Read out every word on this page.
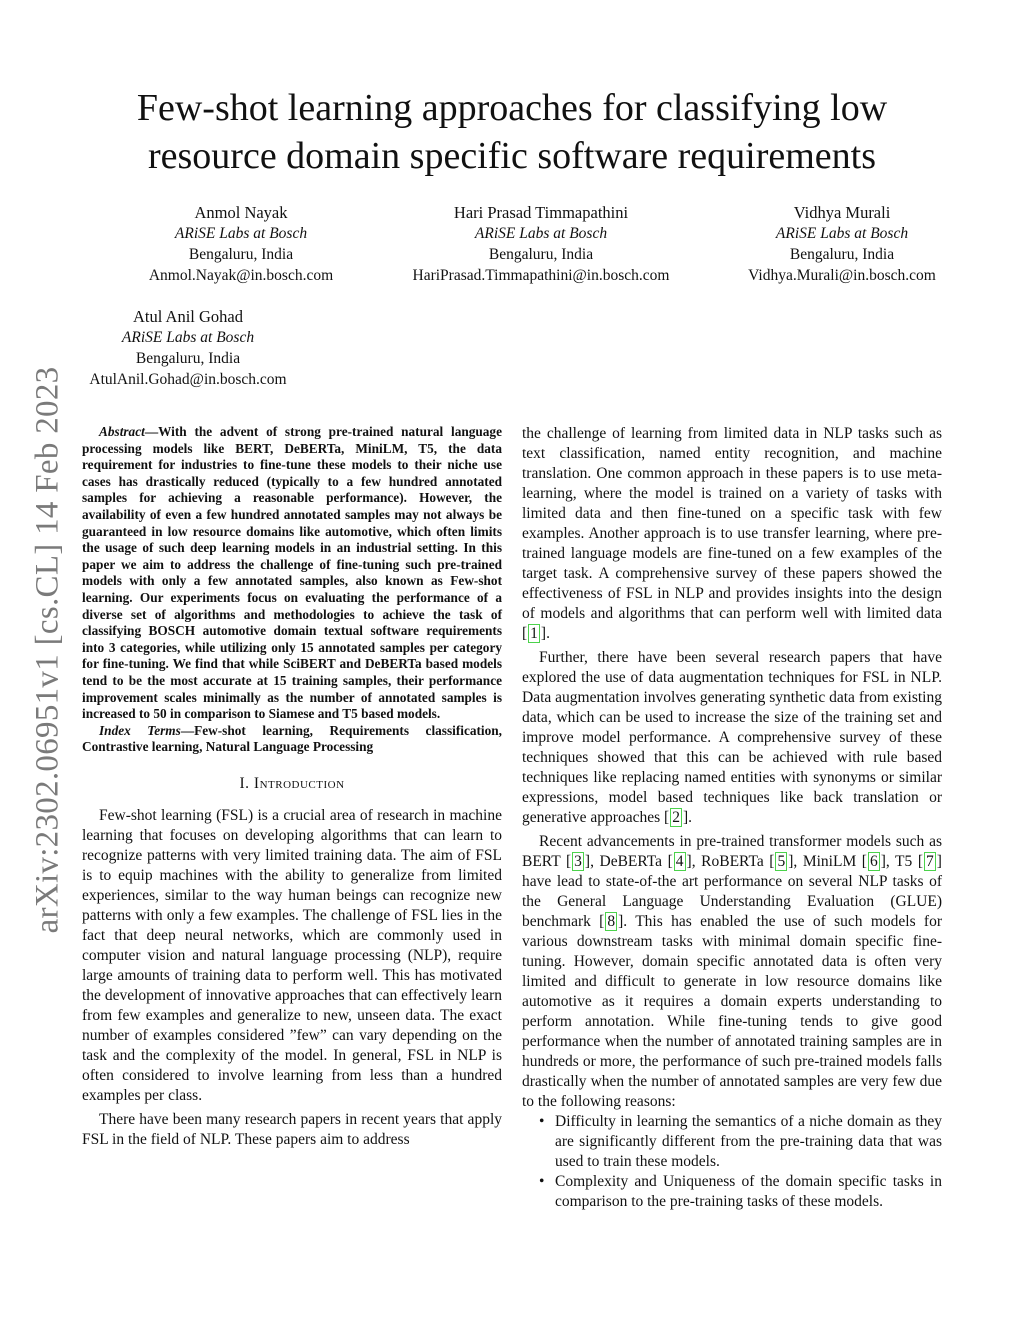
arXiv:2302.06951v1 [cs.CL] 14 Feb 2023
Few-shot learning approaches for classifying low resource domain specific software requirements
Anmol Nayak
ARiSE Labs at Bosch
Bengaluru, India
Anmol.Nayak@in.bosch.com
Hari Prasad Timmapathini
ARiSE Labs at Bosch
Bengaluru, India
HariPrasad.Timmapathini@in.bosch.com
Vidhya Murali
ARiSE Labs at Bosch
Bengaluru, India
Vidhya.Murali@in.bosch.com
Atul Anil Gohad
ARiSE Labs at Bosch
Bengaluru, India
AtulAnil.Gohad@in.bosch.com

Abstract—With the advent of strong pre-trained natural language processing models like BERT, DeBERTa, MiniLM, T5, the data requirement for industries to fine-tune these models to their niche use cases has drastically reduced (typically to a few hundred annotated samples for achieving a reasonable performance). However, the availability of even a few hundred annotated samples may not always be guaranteed in low resource domains like automotive, which often limits the usage of such deep learning models in an industrial setting. In this paper we aim to address the challenge of fine-tuning such pre-trained models with only a few annotated samples, also known as Few-shot learning. Our experiments focus on evaluating the performance of a diverse set of algorithms and methodologies to achieve the task of classifying BOSCH automotive domain textual software requirements into 3 categories, while utilizing only 15 annotated samples per category for fine-tuning. We find that while SciBERT and DeBERTa based models tend to be the most accurate at 15 training samples, their performance improvement scales minimally as the number of annotated samples is increased to 50 in comparison to Siamese and T5 based models.

Index Terms—Few-shot learning, Requirements classification, Contrastive learning, Natural Language Processing

I. Introduction

Few-shot learning (FSL) is a crucial area of research in machine learning that focuses on developing algorithms that can learn to recognize patterns with very limited training data. The aim of FSL is to equip machines with the ability to generalize from limited experiences, similar to the way human beings can recognize new patterns with only a few examples. The challenge of FSL lies in the fact that deep neural networks, which are commonly used in computer vision and natural language processing (NLP), require large amounts of training data to perform well. This has motivated the development of innovative approaches that can effectively learn from few examples and generalize to new, unseen data. The exact number of examples considered ”few” can vary depending on the task and the complexity of the model. In general, FSL in NLP is often considered to involve learning from less than a hundred examples per class.

There have been many research papers in recent years that apply FSL in the field of NLP. These papers aim to address

the challenge of learning from limited data in NLP tasks such as text classification, named entity recognition, and machine translation. One common approach in these papers is to use meta-learning, where the model is trained on a variety of tasks with limited data and then fine-tuned on a specific task with few examples. Another approach is to use transfer learning, where pre-trained language models are fine-tuned on a few examples of the target task. A comprehensive survey of these papers showed the effectiveness of FSL in NLP and provides insights into the design of models and algorithms that can perform well with limited data [ 1 ].

Further, there have been several research papers that have explored the use of data augmentation techniques for FSL in NLP. Data augmentation involves generating synthetic data from existing data, which can be used to increase the size of the training set and improve model performance. A comprehensive survey of these techniques showed that this can be achieved with rule based techniques like replacing named entities with synonyms or similar expressions, model based techniques like back translation or generative approaches [ 2 ].

Recent advancements in pre-trained transformer models such as BERT [ 3 ], DeBERTa [ 4 ], RoBERTa [ 5 ], MiniLM [ 6 ], T5 [ 7 ] have lead to state-of-the art performance on several NLP tasks of the General Language Understanding Evaluation (GLUE) benchmark [ 8 ]. This has enabled the use of such models for various downstream tasks with minimal domain specific fine-tuning. However, domain specific annotated data is often very limited and difficult to generate in low resource domains like automotive as it requires a domain experts understanding to perform annotation. While fine-tuning tends to give good performance when the number of annotated training samples are in hundreds or more, the performance of such pre-trained models falls drastically when the number of annotated samples are very few due to the following reasons:

• Difficulty in learning the semantics of a niche domain as they are significantly different from the pre-training data that was used to train these models.
• Complexity and Uniqueness of the domain specific tasks in comparison to the pre-training tasks of these models.
